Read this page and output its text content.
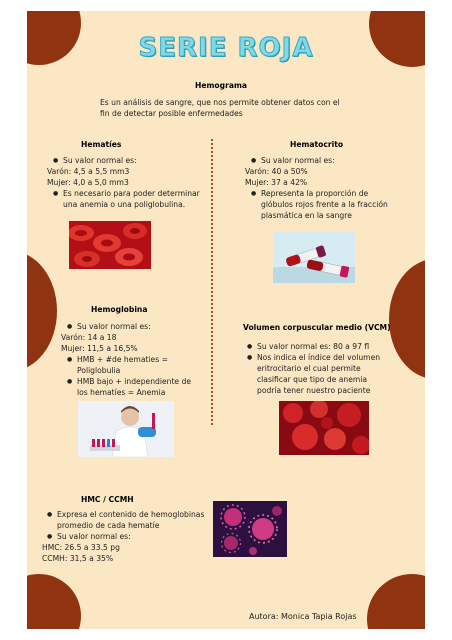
SERIE ROJA
Hemograma

Es un análisis de sangre, que nos permite obtener datos con el

fin de detectar posible enfermedades

Hematíes
● Su valor normal es:

Varón: 4,5 a 5,5 mm3

Mujer: 4,0 a 5,0 mm3

● Es necesario para poder determinar
una anemia o una poliglobulina.
Hematocrito
● Su valor normal es:

Varón: 40 a 50%

Mujer: 37 a 42%

● Representa la proporción de
glóbulos rojos frente a la fracción
plasmática en la sangre
Hemoglobina
● Su valor normal es:

Varón: 14 a 18

Mujer: 11,5 a 16,5%

● HMB + #de hematies =
Poliglobulia
● HMB bajo + independiente de
los hematíes = Anemia
Volumen corpuscular medio (VCM)
● Su valor normal es: 80 a 97 fl
● Nos indica el índice del volumen
eritrocitario el cual permite
clasificar que tipo de anemia
podría tener nuestro paciente
HMC / CCMH
● Expresa el contenido de hemoglobinas
promedio de cada hematíe
● Su valor normal es:

HMC: 26.5 a 33.5 pg

CCMH: 31,5 a 35%

Autora: Monica Tapia Rojas
